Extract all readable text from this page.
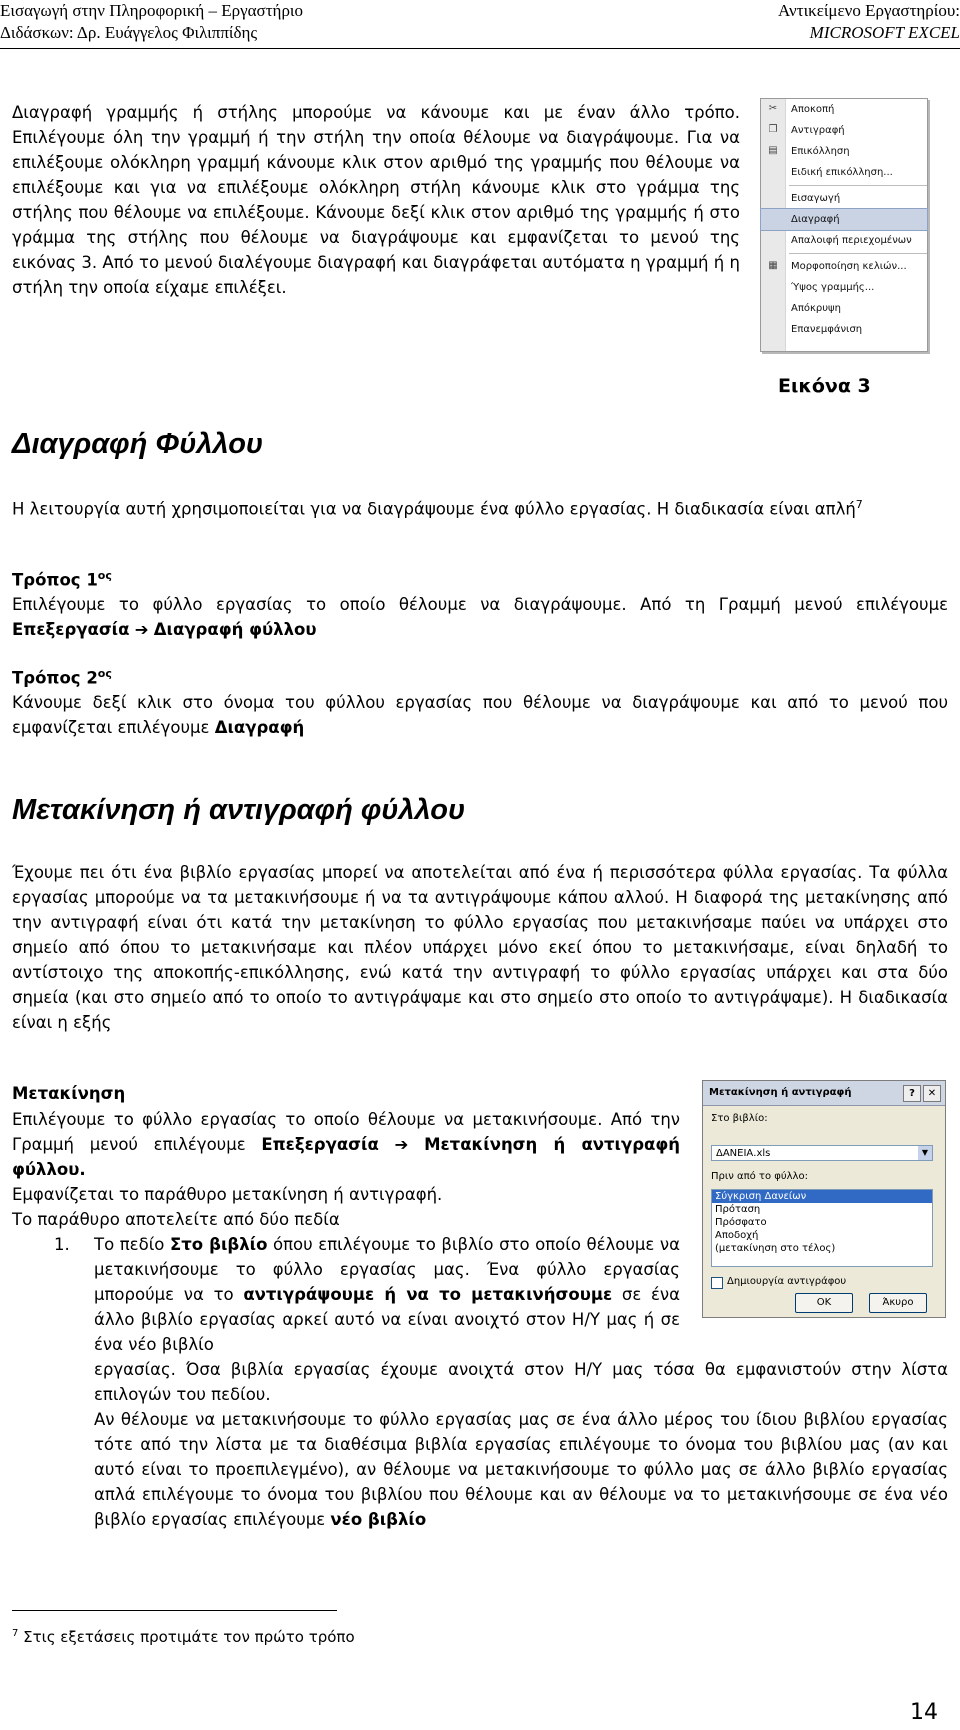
Εισαγωγή στην Πληροφορική – Εργαστήριο
Διδάσκων: Δρ. Ευάγγελος Φιλιππίδης
Αντικείμενο Εργαστηρίου:
MICROSOFT EXCEL

Διαγραφή γραμμής ή στήλης μπορούμε να κάνουμε και με έναν άλλο τρόπο. Επιλέγουμε όλη την γραμμή ή την στήλη την οποία θέλουμε να διαγράψουμε. Για να επιλέξουμε ολόκληρη γραμμή κάνουμε κλικ στον αριθμό της γραμμής που θέλουμε να επιλέξουμε και για να επιλέξουμε ολόκληρη στήλη κάνουμε κλικ στο γράμμα της στήλης που θέλουμε να επιλέξουμε. Κάνουμε δεξί κλικ στον αριθμό της γραμμής ή στο γράμμα της στήλης που θέλουμε να διαγράψουμε και εμφανίζεται το μενού της εικόνας 3. Από το μενού διαλέγουμε διαγραφή και διαγράφεται αυτόματα η γραμμή ή η στήλη την οποία είχαμε επιλέξει.

✂ Αποκοπή
❐ Αντιγραφή
▤ Επικόλληση
Ειδική επικόλληση...
Εισαγωγή
Διαγραφή
Απαλοιφή περιεχομένων
▦ Μορφοποίηση κελιών...
Ύψος γραμμής...
Απόκρυψη
Επανεμφάνιση
Εικόνα 3
Διαγραφή Φύλλου

Η λειτουργία αυτή χρησιμοποιείται για να διαγράψουμε ένα φύλλο εργασίας. Η διαδικασία είναι απλή$^7$

Τρόπος $1^{o\varsigma}$

Επιλέγουμε το φύλλο εργασίας το οποίο θέλουμε να διαγράψουμε. Από τη Γραμμή μενού επιλέγουμε Επεξεργασία ➔ Διαγραφή φύλλου

Τρόπος $2^{o\varsigma}$

Κάνουμε δεξί κλικ στο όνομα του φύλλου εργασίας που θέλουμε να διαγράψουμε και από το μενού που εμφανίζεται επιλέγουμε Διαγραφή

Μετακίνηση ή αντιγραφή φύλλου

Έχουμε πει ότι ένα βιβλίο εργασίας μπορεί να αποτελείται από ένα ή περισσότερα φύλλα εργασίας. Τα φύλλα εργασίας μπορούμε να τα μετακινήσουμε ή να τα αντιγράψουμε κάπου αλλού. Η διαφορά της μετακίνησης από την αντιγραφή είναι ότι κατά την μετακίνηση το φύλλο εργασίας που μετακινήσαμε παύει να υπάρχει στο σημείο από όπου το μετακινήσαμε και πλέον υπάρχει μόνο εκεί όπου το μετακινήσαμε, είναι δηλαδή το αντίστοιχο της αποκοπής-επικόλλησης, ενώ κατά την αντιγραφή το φύλλο εργασίας υπάρχει και στα δύο σημεία (και στο σημείο από το οποίο το αντιγράψαμε και στο σημείο στο οποίο το αντιγράψαμε). Η διαδικασία είναι η εξής

Μετακίνηση

Επιλέγουμε το φύλλο εργασίας το οποίο θέλουμε να μετακινήσουμε. Από την Γραμμή μενού επιλέγουμε Επεξεργασία ➔ Μετακίνηση ή αντιγραφή φύλλου.

Εμφανίζεται το παράθυρο μετακίνηση ή αντιγραφή.

Το παράθυρο αποτελείτε από δύο πεδία

1. Το πεδίο Στο βιβλίο όπου επιλέγουμε το βιβλίο στο οποίο θέλουμε να μετακινήσουμε το φύλλο εργασίας μας. Ένα φύλλο εργασίας μπορούμε να το αντιγράψουμε ή να το μετακινήσουμε σε ένα άλλο βιβλίο εργασίας αρκεί αυτό να είναι ανοιχτό στον Η/Υ μας ή σε ένα νέο βιβλίο

εργασίας. Όσα βιβλία εργασίας έχουμε ανοιχτά στον Η/Υ μας τόσα θα εμφανιστούν στην λίστα επιλογών του πεδίου.

Αν θέλουμε να μετακινήσουμε το φύλλο εργασίας μας σε ένα άλλο μέρος του ίδιου βιβλίου εργασίας τότε από την λίστα με τα διαθέσιμα βιβλία εργασίας επιλέγουμε το όνομα του βιβλίου μας (αν και αυτό είναι το προεπιλεγμένο), αν θέλουμε να μετακινήσουμε το φύλλο μας σε άλλο βιβλίο εργασίας απλά επιλέγουμε το όνομα του βιβλίου που θέλουμε και αν θέλουμε να το μετακινήσουμε σε ένα νέο βιβλίο εργασίας επιλέγουμε νέο βιβλίο

Μετακίνηση ή αντιγραφή	?	✕
Στο βιβλίο:
ΔΑΝΕΙΑ.xls	▼
Πριν από το φύλλο:
Σύγκριση Δανείων
Πρόταση
Πρόσφατο
Αποδοχή
(μετακίνηση στο τέλος)
Δημιουργία αντιγράφου
OK	Άκυρο
$^7$ Στις εξετάσεις προτιμάτε τον πρώτο τρόπο
14
